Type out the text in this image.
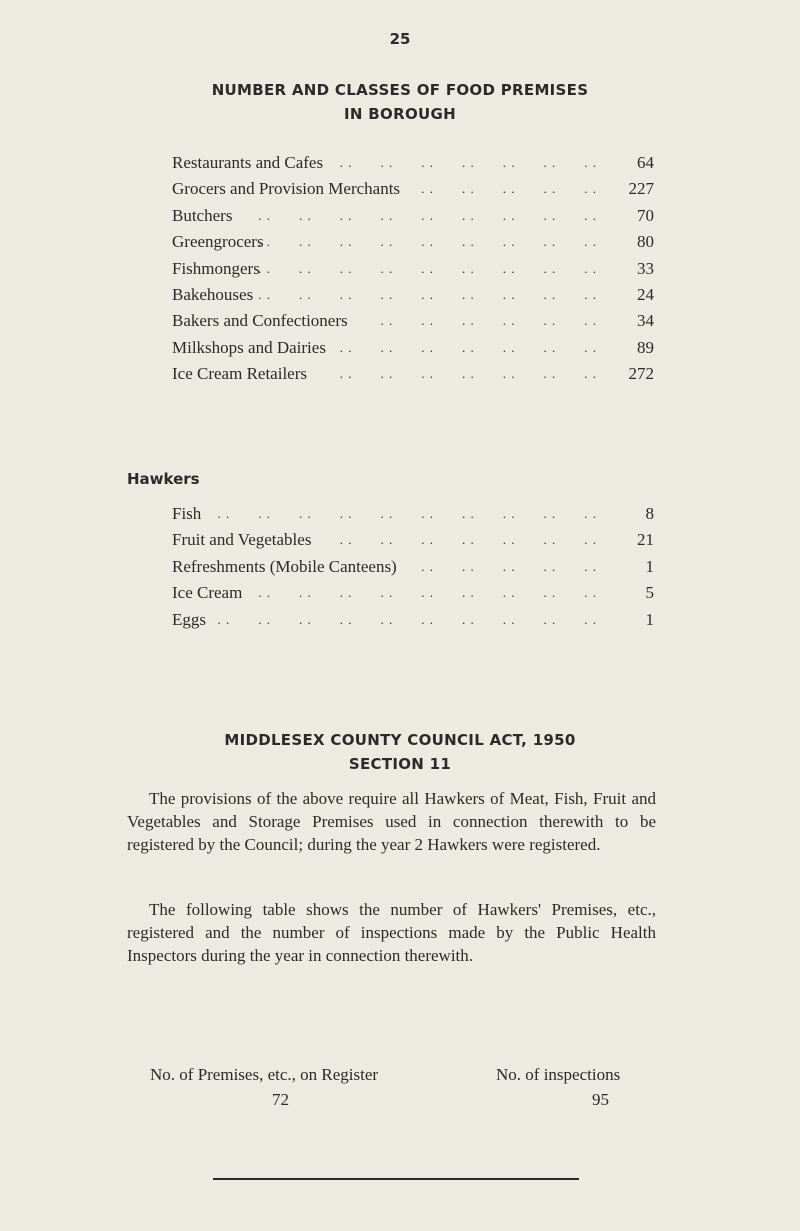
25
NUMBER AND CLASSES OF FOOD PREMISES
IN BOROUGH
Restaurants and Cafes	64
. .  . .  . .  . .  . .  . .  . .
Grocers and Provision Merchants	227
. .  . .  . .  . .  . .
Butchers	70
. .  . .  . .  . .  . .  . .  . .  . .  . .
Greengrocers	80
. .  . .  . .  . .  . .  . .  . .  . .  . .
Fishmongers	33
. .  . .  . .  . .  . .  . .  . .  . .  . .
Bakehouses	24
. .  . .  . .  . .  . .  . .  . .  . .  . .
Bakers and Confectioners	34
. .  . .  . .  . .  . .  . .
Milkshops and Dairies	89
. .  . .  . .  . .  . .  . .  . .
Ice Cream Retailers	272
. .  . .  . .  . .  . .  . .  . .
Hawkers
Fish	8
. .  . .  . .  . .  . .  . .  . .  . .  . .  . .
Fruit and Vegetables	21
. .  . .  . .  . .  . .  . .  . .
Refreshments (Mobile Canteens)	1
. .  . .  . .  . .  . .
Ice Cream	5
. .  . .  . .  . .  . .  . .  . .  . .  . .
Eggs	1
. .  . .  . .  . .  . .  . .  . .  . .  . .  . .
MIDDLESEX COUNTY COUNCIL ACT, 1950
SECTION 11

The provisions of the above require all Hawkers of Meat, Fish, Fruit and Vegetables and Storage Premises used in connection therewith to be registered by the Council; during the year 2 Hawkers were registered.

The following table shows the number of Hawkers' Premises, etc., registered and the number of inspections made by the Public Health Inspectors during the year in connection therewith.

No. of Premises, etc., on Register	No. of inspections
72	95
